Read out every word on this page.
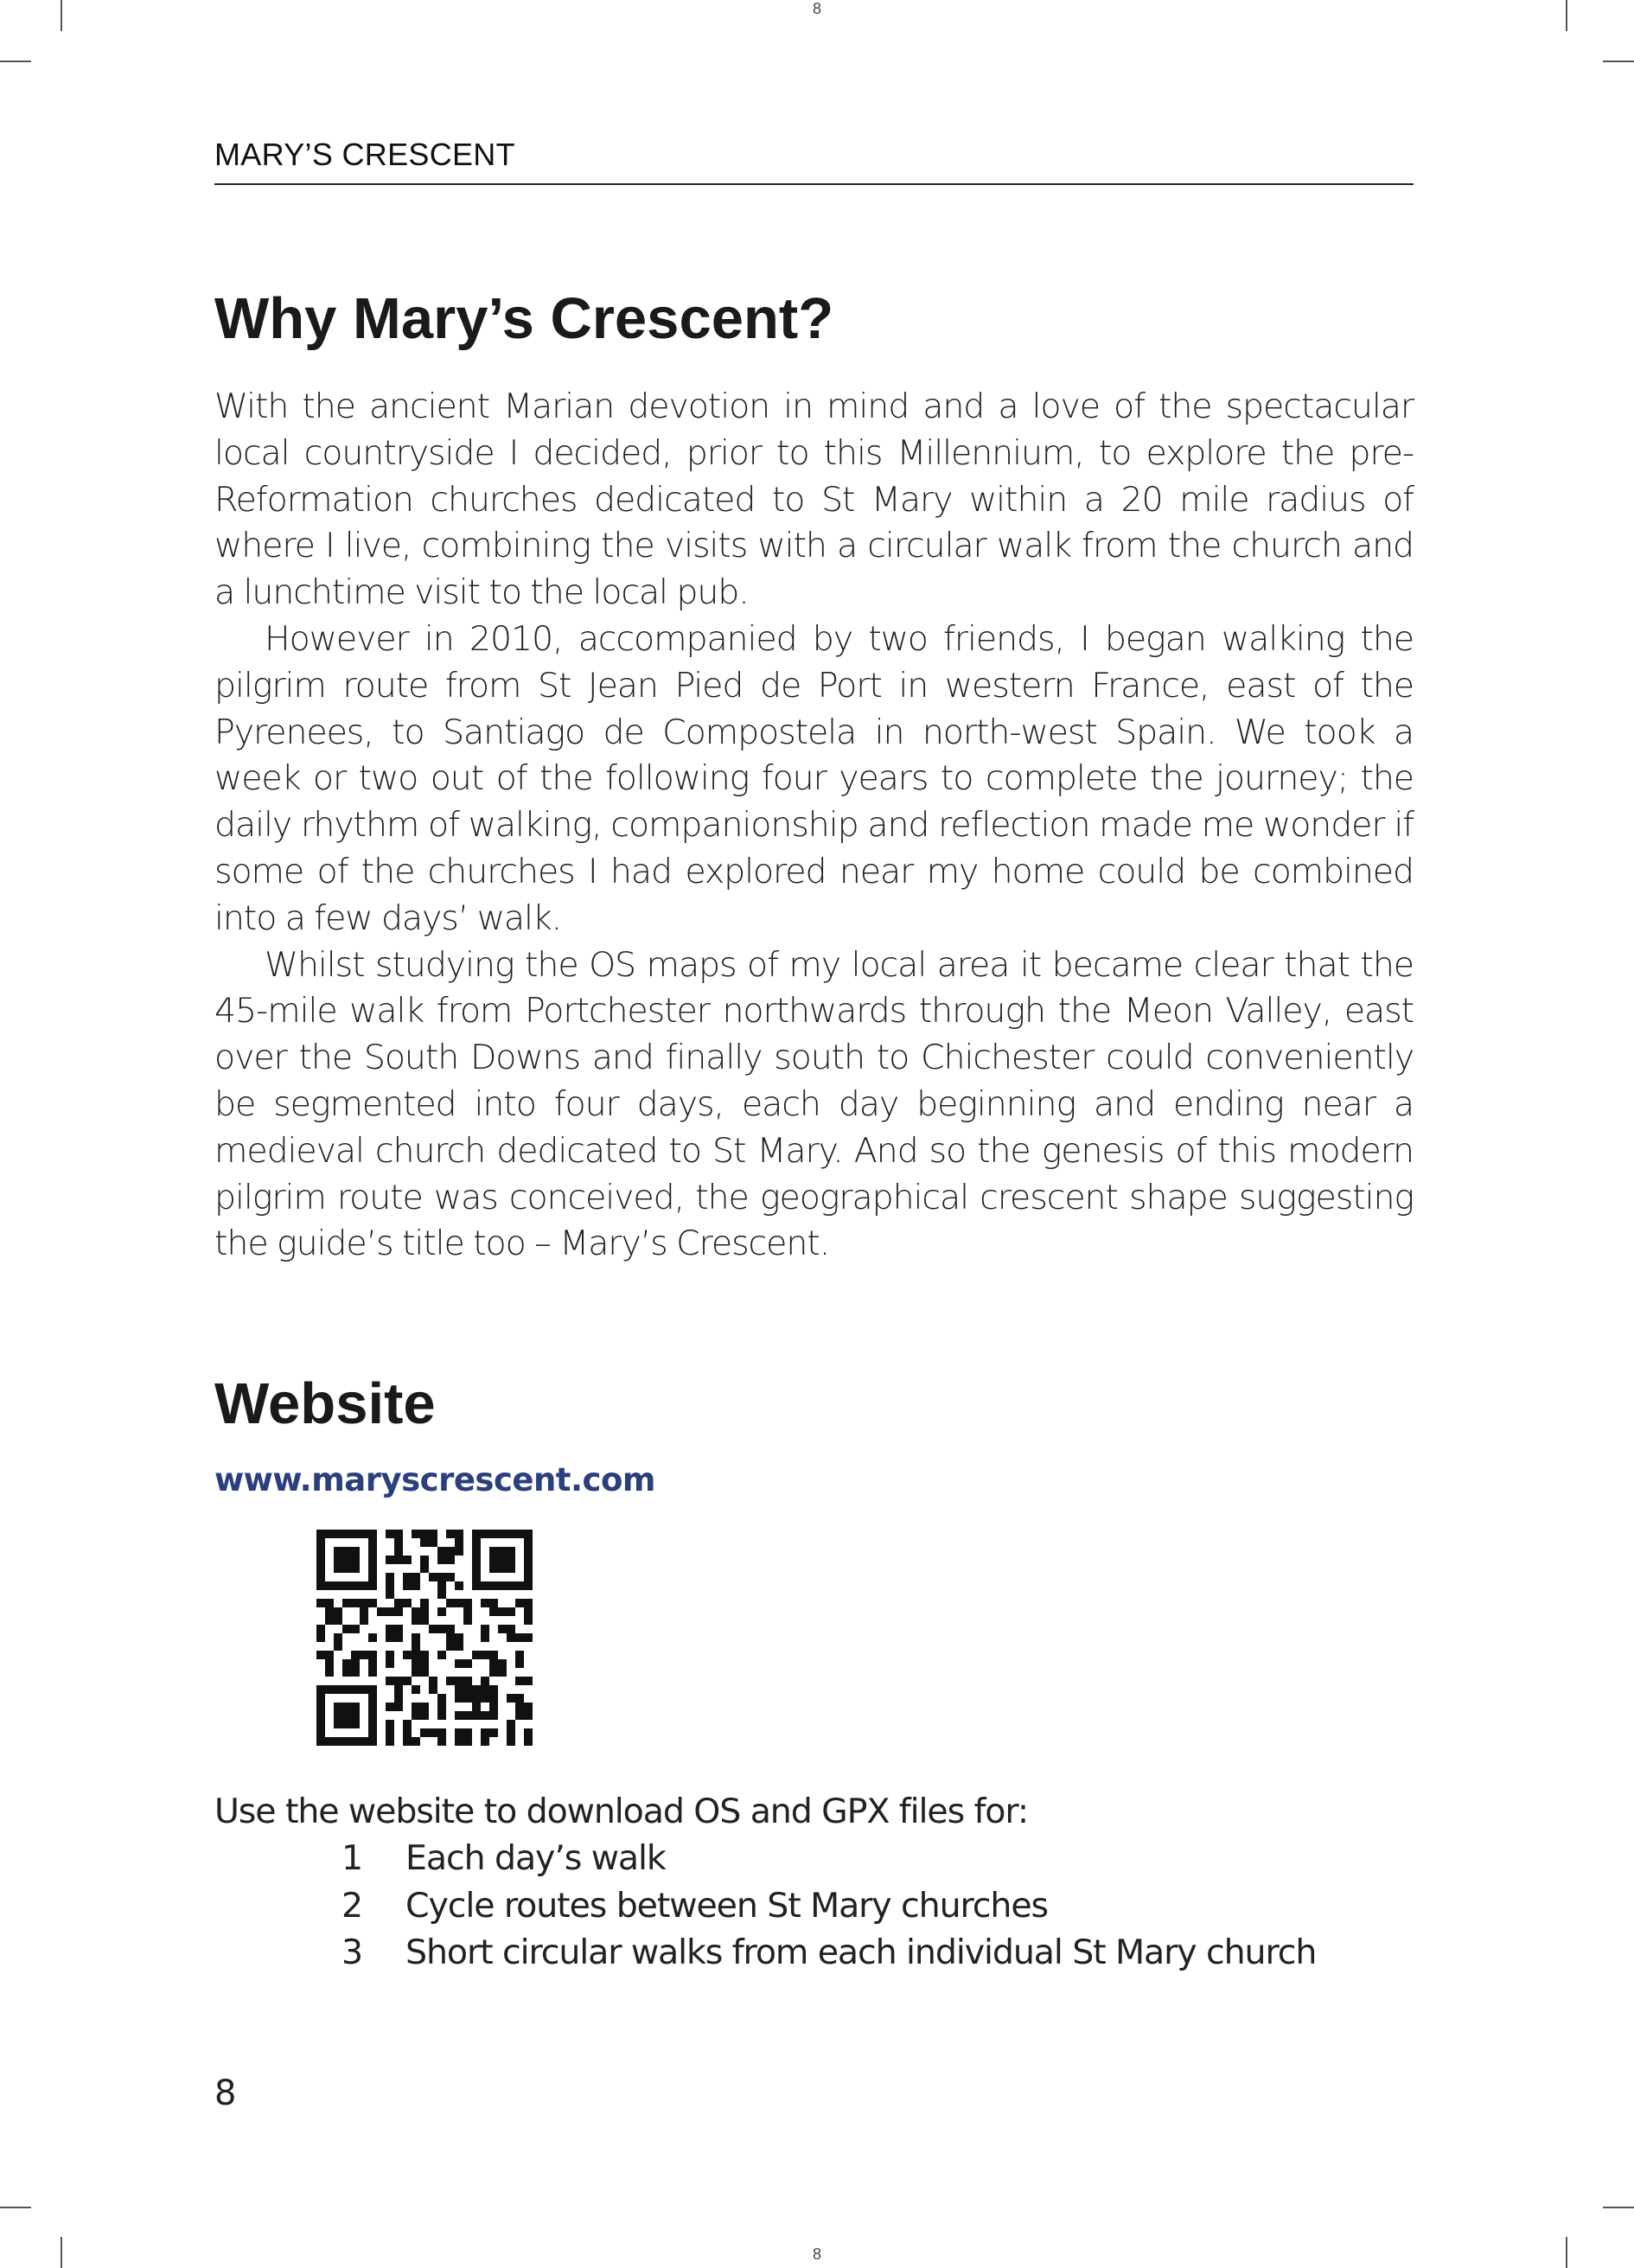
8
8
MARY’S CRESCENT
Why Mary’s Crescent?

With the ancient Marian devotion in mind and a love of the spectacular local countryside I decided, prior to this Millennium, to explore the pre-Reformation churches dedicated to St Mary within a 20 mile radius of where I live, combining the visits with a circular walk from the church and a lunchtime visit to the local pub.

However in 2010, accompanied by two friends, I began walking the pilgrim route from St Jean Pied de Port in western France, east of the Pyrenees, to Santiago de Compostela in north-west Spain. We took a week or two out of the following four years to complete the journey; the daily rhythm of walking, companionship and reflection made me wonder if some of the churches I had explored near my home could be combined into a few days’ walk.

Whilst studying the OS maps of my local area it became clear that the 45-mile walk from Portchester northwards through the Meon Valley, east over the South Downs and finally south to Chichester could conveniently be segmented into four days, each day beginning and ending near a medieval church dedicated to St Mary. And so the genesis of this modern pilgrim route was conceived, the geographical crescent shape suggesting the guide’s title too – Mary’s Crescent.

Website
www.maryscrescent.com
Use the website to download OS and GPX files for:
1 Each day’s walk
2 Cycle routes between St Mary churches
3 Short circular walks from each individual St Mary church
8
